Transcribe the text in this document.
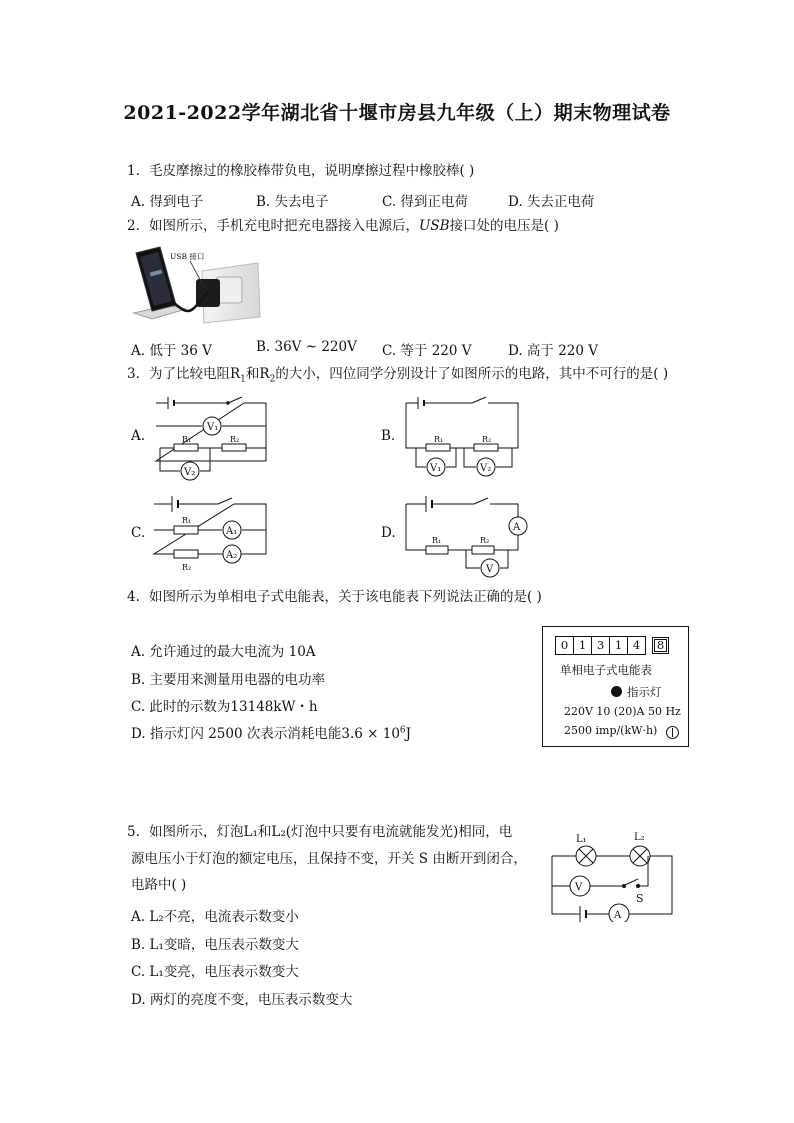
2021-2022学年湖北省十堰市房县九年级（上）期末物理试卷
1. 毛皮摩擦过的橡胶棒带负电，说明摩擦过程中橡胶棒( )
A. 得到电子	B. 失去电子	C. 得到正电荷	D. 失去正电荷
2. 如图所示，手机充电时把充电器接入电源后，USB接口处的电压是( )
USB 接口
A. 低于 36 V	B. 36V ~ 220V C. 等于 220 V	D. 高于 220 V
3. 为了比较电阻$R_1$和$R_2$的大小，四位同学分别设计了如图所示的电路，其中不可行的是( )
A.
V₁
R₁	R₂
V₂
B.	R₁	R₂
V₁	V₂
C.
R₁
R₂
A₁
A₂
D.	A
R₁	R₂
V
4. 如图所示为单相电子式电能表，关于该电能表下列说法正确的是( )
A. 允许通过的最大电流为 10A
B. 主要用来测量用电器的电功率
C. 此时的示数为13148kW・h
D. 指示灯闪 2500 次表示消耗电能$3.6 \times 10^6J$
0 1 3 1 4	8
单相电子式电能表
指示灯
220V 10 (20)A 50 Hz
2500 imp/(kW·h)
5. 如图所示，灯泡L₁和L₂(灯泡中只要有电流就能发光)相同，电
源电压小于灯泡的额定电压，且保持不变，开关 S 由断开到闭合，
电路中( )
A. L₂不亮，电流表示数变小
B. L₁变暗，电压表示数变大
C. L₁变亮，电压表示数变大
D. 两灯的亮度不变，电压表示数变大
L₁	L₂
V
S
A
